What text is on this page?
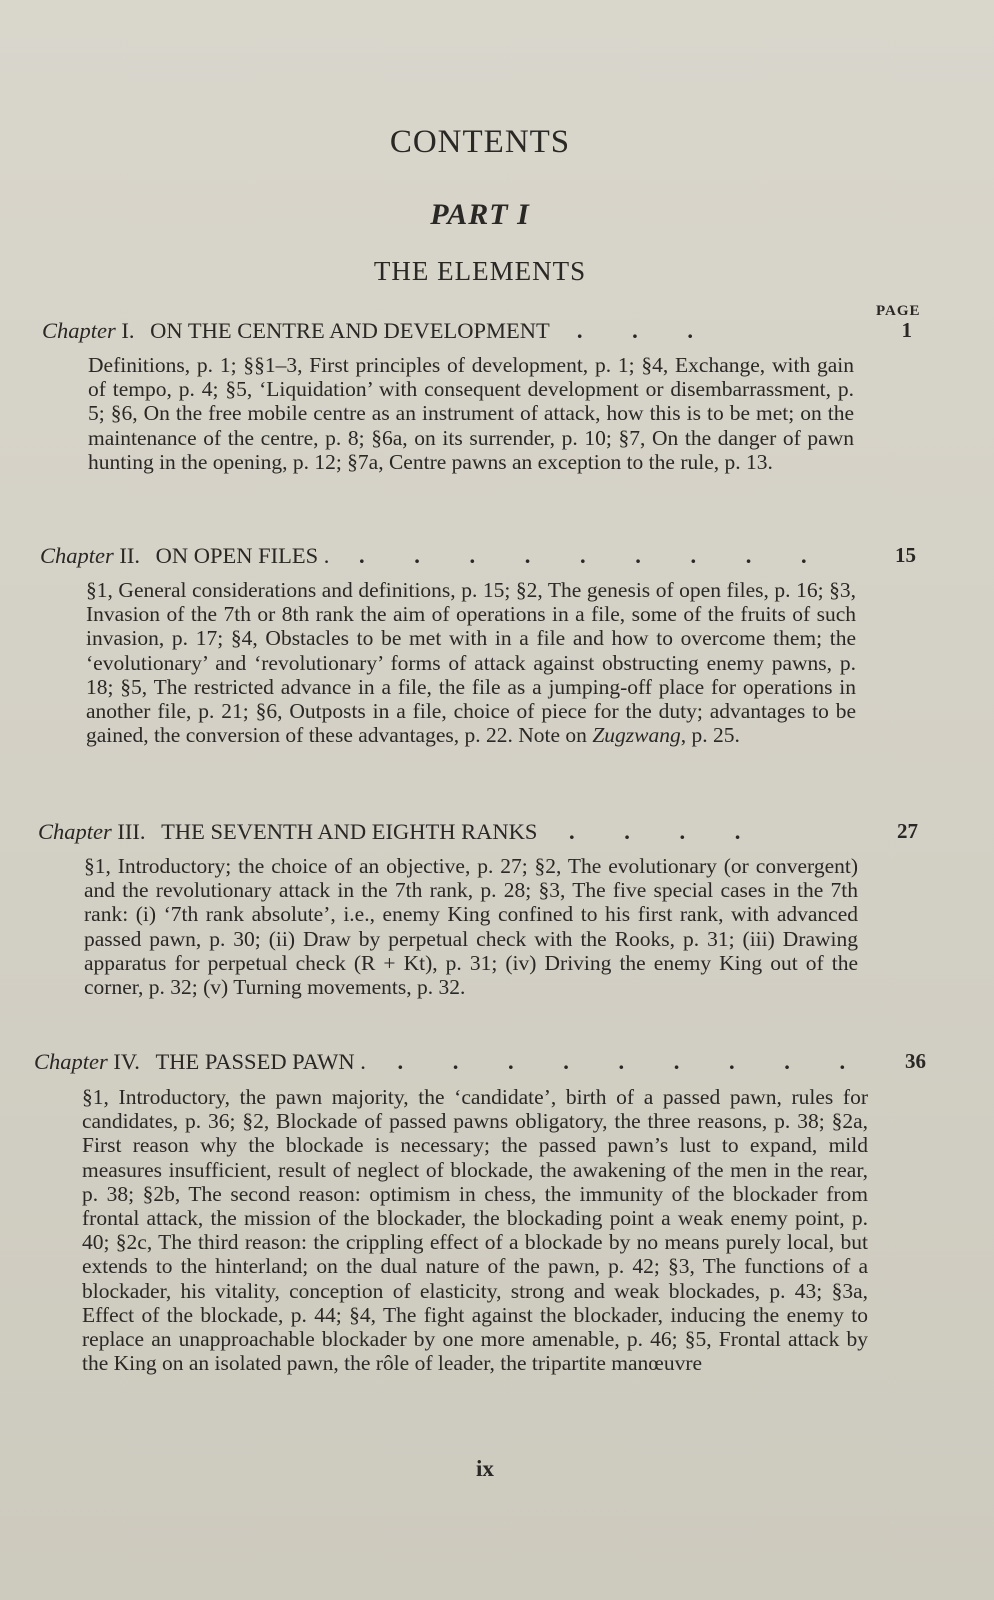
CONTENTS
PART I
THE ELEMENTS
PAGE
Chapter I. ON THE CENTRE AND DEVELOPMENT . . .	1

Definitions, p. 1; §§1–3, First principles of development, p. 1; §4, Exchange, with gain of tempo, p. 4; §5, ‘Liquidation’ with consequent development or disembarrassment, p. 5; §6, On the free mobile centre as an instrument of attack, how this is to be met; on the maintenance of the centre, p. 8; §6a, on its surrender, p. 10; §7, On the danger of pawn hunting in the opening, p. 12; §7a, Centre pawns an exception to the rule, p. 13.

Chapter II. ON OPEN FILES . . . . . . . . . .	15

§1, General considerations and definitions, p. 15; §2, The genesis of open files, p. 16; §3, Invasion of the 7th or 8th rank the aim of operations in a file, some of the fruits of such invasion, p. 17; §4, Obstacles to be met with in a file and how to overcome them; the ‘evolutionary’ and ‘revolutionary’ forms of attack against obstructing enemy pawns, p. 18; §5, The restricted advance in a file, the file as a jumping-off place for operations in another file, p. 21; §6, Outposts in a file, choice of piece for the duty; advantages to be gained, the conversion of these advantages, p. 22. Note on Zugzwang, p. 25.

Chapter III. THE SEVENTH AND EIGHTH RANKS . . . .	27

§1, Introductory; the choice of an objective, p. 27; §2, The evolutionary (or convergent) and the revolutionary attack in the 7th rank, p. 28; §3, The five special cases in the 7th rank: (i) ‘7th rank absolute’, i.e., enemy King confined to his first rank, with advanced passed pawn, p. 30; (ii) Draw by perpetual check with the Rooks, p. 31; (iii) Drawing apparatus for perpetual check (R + Kt), p. 31; (iv) Driving the enemy King out of the corner, p. 32; (v) Turning movements, p. 32.

Chapter IV. THE PASSED PAWN . . . . . . . . . .	36

§1, Introductory, the pawn majority, the ‘candidate’, birth of a passed pawn, rules for candidates, p. 36; §2, Blockade of passed pawns obligatory, the three reasons, p. 38; §2a, First reason why the blockade is necessary; the passed pawn’s lust to expand, mild measures insufficient, result of neglect of blockade, the awakening of the men in the rear, p. 38; §2b, The second reason: optimism in chess, the immunity of the blockader from frontal attack, the mission of the blockader, the blockading point a weak enemy point, p. 40; §2c, The third reason: the crippling effect of a blockade by no means purely local, but extends to the hinterland; on the dual nature of the pawn, p. 42; §3, The functions of a blockader, his vitality, conception of elasticity, strong and weak blockades, p. 43; §3a, Effect of the blockade, p. 44; §4, The fight against the blockader, inducing the enemy to replace an unapproachable blockader by one more amenable, p. 46; §5, Frontal attack by the King on an isolated pawn, the rôle of leader, the tripartite manœuvre

ix
